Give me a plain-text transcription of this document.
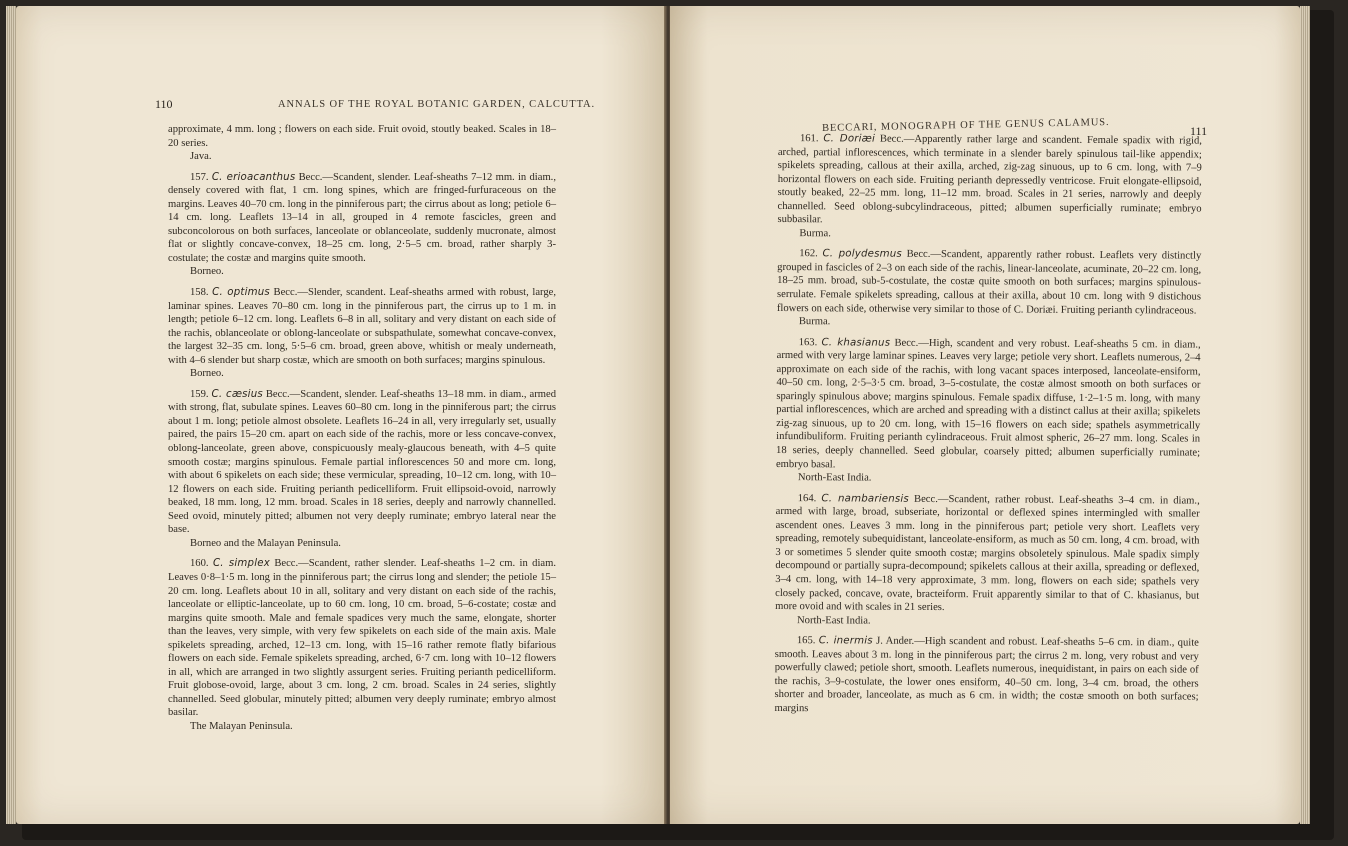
110	ANNALS OF THE ROYAL BOTANIC GARDEN, CALCUTTA.

approximate, 4 mm. long ; flowers on each side. Fruit ovoid, stoutly beaked. Scales in 18–20 series.

Java.

157. C. erioacanthus Becc.—Scandent, slender. Leaf-sheaths 7–12 mm. in diam., densely covered with flat, 1 cm. long spines, which are fringed-furfuraceous on the margins. Leaves 40–70 cm. long in the pinniferous part; the cirrus about as long; petiole 6–14 cm. long. Leaflets 13–14 in all, grouped in 4 remote fascicles, green and subconcolorous on both surfaces, lanceolate or oblanceolate, suddenly mucronate, almost flat or slightly concave-convex, 18–25 cm. long, 2·5–5 cm. broad, rather sharply 3-costulate; the costæ and margins quite smooth.

Borneo.

158. C. optimus Becc.—Slender, scandent. Leaf-sheaths armed with robust, large, laminar spines. Leaves 70–80 cm. long in the pinniferous part, the cirrus up to 1 m. in length; petiole 6–12 cm. long. Leaflets 6–8 in all, solitary and very distant on each side of the rachis, oblanceolate or oblong-lanceolate or subspathulate, somewhat concave-convex, the largest 32–35 cm. long, 5·5–6 cm. broad, green above, whitish or mealy underneath, with 4–6 slender but sharp costæ, which are smooth on both surfaces; margins spinulous.

Borneo.

159. C. cæsius Becc.—Scandent, slender. Leaf-sheaths 13–18 mm. in diam., armed with strong, flat, subulate spines. Leaves 60–80 cm. long in the pinniferous part; the cirrus about 1 m. long; petiole almost obsolete. Leaflets 16–24 in all, very irregularly set, usually paired, the pairs 15–20 cm. apart on each side of the rachis, more or less concave-convex, oblong-lanceolate, green above, conspicuously mealy-glaucous beneath, with 4–5 quite smooth costæ; margins spinulous. Female partial inflorescences 50 and more cm. long, with about 6 spikelets on each side; these vermicular, spreading, 10–12 cm. long, with 10–12 flowers on each side. Fruiting perianth pedicelliform. Fruit ellipsoid-ovoid, narrowly beaked, 18 mm. long, 12 mm. broad. Scales in 18 series, deeply and narrowly channelled. Seed ovoid, minutely pitted; albumen not very deeply ruminate; embryo lateral near the base.

Borneo and the Malayan Peninsula.

160. C. simplex Becc.—Scandent, rather slender. Leaf-sheaths 1–2 cm. in diam. Leaves 0·8–1·5 m. long in the pinniferous part; the cirrus long and slender; the petiole 15–20 cm. long. Leaflets about 10 in all, solitary and very distant on each side of the rachis, lanceolate or elliptic-lanceolate, up to 60 cm. long, 10 cm. broad, 5–6-costate; costæ and margins quite smooth. Male and female spadices very much the same, elongate, shorter than the leaves, very simple, with very few spikelets on each side of the main axis. Male spikelets spreading, arched, 12–13 cm. long, with 15–16 rather remote flatly bifarious flowers on each side. Female spikelets spreading, arched, 6·7 cm. long with 10–12 flowers in all, which are arranged in two slightly assurgent series. Fruiting perianth pedicelliform. Fruit globose-ovoid, large, about 3 cm. long, 2 cm. broad. Scales in 24 series, slightly channelled. Seed globular, minutely pitted; albumen very deeply ruminate; embryo almost basilar.

The Malayan Peninsula.

BECCARI, MONOGRAPH OF THE GENUS CALAMUS.	111

161. C. Doriæi Becc.—Apparently rather large and scandent. Female spadix with rigid, arched, partial inflorescences, which terminate in a slender barely spinulous tail-like appendix; spikelets spreading, callous at their axilla, arched, zig-zag sinuous, up to 6 cm. long, with 7–9 horizontal flowers on each side. Fruiting perianth depressedly ventricose. Fruit elongate-ellipsoid, stoutly beaked, 22–25 mm. long, 11–12 mm. broad. Scales in 21 series, narrowly and deeply channelled. Seed oblong-subcylindraceous, pitted; albumen superficially ruminate; embryo subbasilar.

Burma.

162. C. polydesmus Becc.—Scandent, apparently rather robust. Leaflets very distinctly grouped in fascicles of 2–3 on each side of the rachis, linear-lanceolate, acuminate, 20–22 cm. long, 18–25 mm. broad, sub-5-costulate, the costæ quite smooth on both surfaces; margins spinulous-serrulate. Female spikelets spreading, callous at their axilla, about 10 cm. long with 9 distichous flowers on each side, otherwise very similar to those of C. Doriæi. Fruiting perianth cylindraceous.

Burma.

163. C. khasianus Becc.—High, scandent and very robust. Leaf-sheaths 5 cm. in diam., armed with very large laminar spines. Leaves very large; petiole very short. Leaflets numerous, 2–4 approximate on each side of the rachis, with long vacant spaces interposed, lanceolate-ensiform, 40–50 cm. long, 2·5–3·5 cm. broad, 3–5-costulate, the costæ almost smooth on both surfaces or sparingly spinulous above; margins spinulous. Female spadix diffuse, 1·2–1·5 m. long, with many partial inflorescences, which are arched and spreading with a distinct callus at their axilla; spikelets zig-zag sinuous, up to 20 cm. long, with 15–16 flowers on each side; spathels asymmetrically infundibuliform. Fruiting perianth cylindraceous. Fruit almost spheric, 26–27 mm. long. Scales in 18 series, deeply channelled. Seed globular, coarsely pitted; albumen superficially ruminate; embryo basal.

North-East India.

164. C. nambariensis Becc.—Scandent, rather robust. Leaf-sheaths 3–4 cm. in diam., armed with large, broad, subseriate, horizontal or deflexed spines intermingled with smaller ascendent ones. Leaves 3 mm. long in the pinniferous part; petiole very short. Leaflets very spreading, remotely subequidistant, lanceolate-ensiform, as much as 50 cm. long, 4 cm. broad, with 3 or sometimes 5 slender quite smooth costæ; margins obsoletely spinulous. Male spadix simply decompound or partially supra-decompound; spikelets callous at their axilla, spreading or deflexed, 3–4 cm. long, with 14–18 very approximate, 3 mm. long, flowers on each side; spathels very closely packed, concave, ovate, bracteiform. Fruit apparently similar to that of C. khasianus, but more ovoid and with scales in 21 series.

North-East India.

165. C. inermis J. Ander.—High scandent and robust. Leaf-sheaths 5–6 cm. in diam., quite smooth. Leaves about 3 m. long in the pinniferous part; the cirrus 2 m. long, very robust and very powerfully clawed; petiole short, smooth. Leaflets numerous, inequidistant, in pairs on each side of the rachis, 3–9-costulate, the lower ones ensiform, 40–50 cm. long, 3–4 cm. broad, the others shorter and broader, lanceolate, as much as 6 cm. in width; the costæ smooth on both surfaces; margins
